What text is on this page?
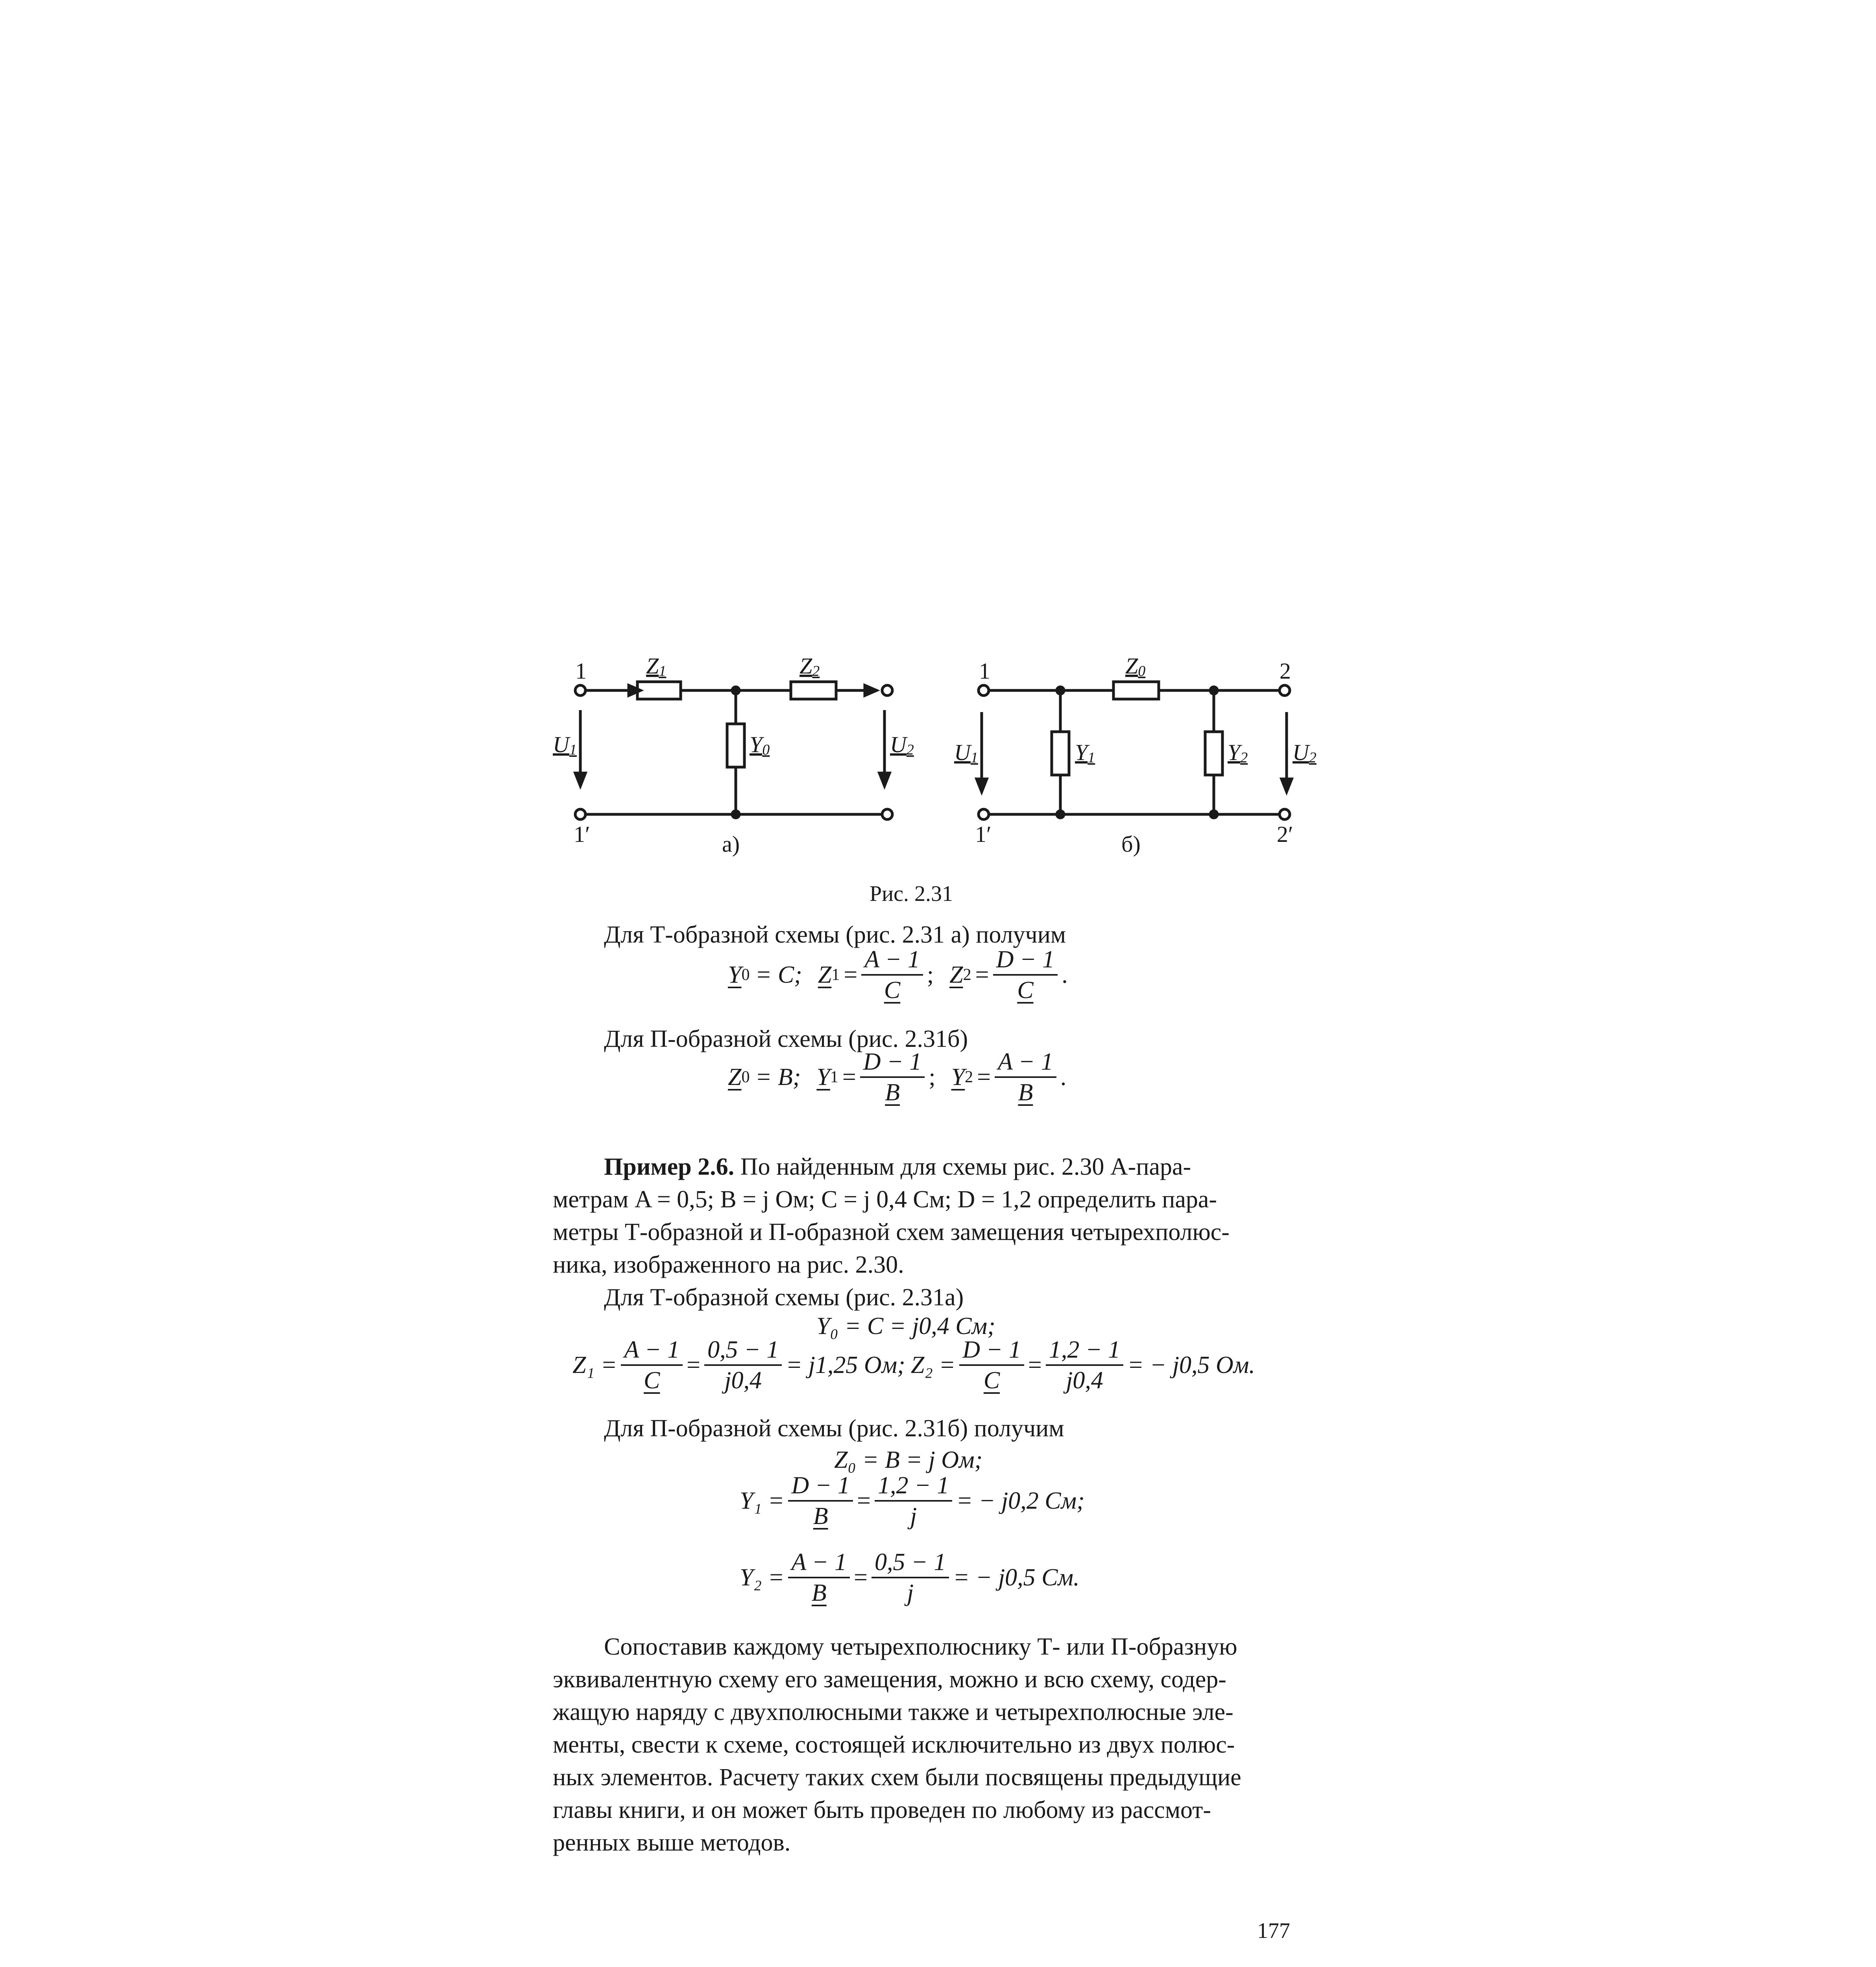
1
1′
Z1	Z2
Y0
U1	U2
а)
1
1′
2
2′
Z0
Y1	Y2
U1	U2
б)
Рис. 2.31
Для Т-образной схемы (рис. 2.31 а) получим
Y 0 = C; Z $1 = \frac{A - 1}{C}$ ; Z $2 = \frac{D - 1}{C}$ .
Для П-образной схемы (рис. 2.31б)
Z 0 = B; Y $1 = \frac{D - 1}{B}$ ; Y $2 = \frac{A - 1}{B}$ .
Пример 2.6. По найденным для схемы рис. 2.30 A-пара-
метрам A = 0,5; B = j Ом; C = j 0,4 См; D = 1,2 определить пара-
метры Т-образной и П-образной схем замещения четырехполюс-
ника, изображенного на рис. 2.30.
Для Т-образной схемы (рис. 2.31а)
Y₀ = C = j0,4 См;
$Z_1 = \frac{A - 1}{C} = \frac{0,5 - 1}{j0,4} = j1,25$ Ом; $Z_2 = \frac{D - 1}{C} = \frac{1,2 - 1}{j0,4}$ = − j0,5 Ом.
Для П-образной схемы (рис. 2.31б) получим
Z₀ = B = j Ом;
$Y_1 = \frac{D - 1}{B} = \frac{1,2 - 1}{j}$ = − j0,2 См;
$Y_2 = \frac{A - 1}{B} = \frac{0,5 - 1}{j}$ = − j0,5 См.
Сопоставив каждому четырехполюснику Т- или П-образную
эквивалентную схему его замещения, можно и всю схему, содер-
жащую наряду с двухполюсными также и четырехполюсные эле-
менты, свести к схеме, состоящей исключительно из двух полюс-
ных элементов. Расчету таких схем были посвящены предыдущие
главы книги, и он может быть проведен по любому из рассмот-
ренных выше методов.
177
